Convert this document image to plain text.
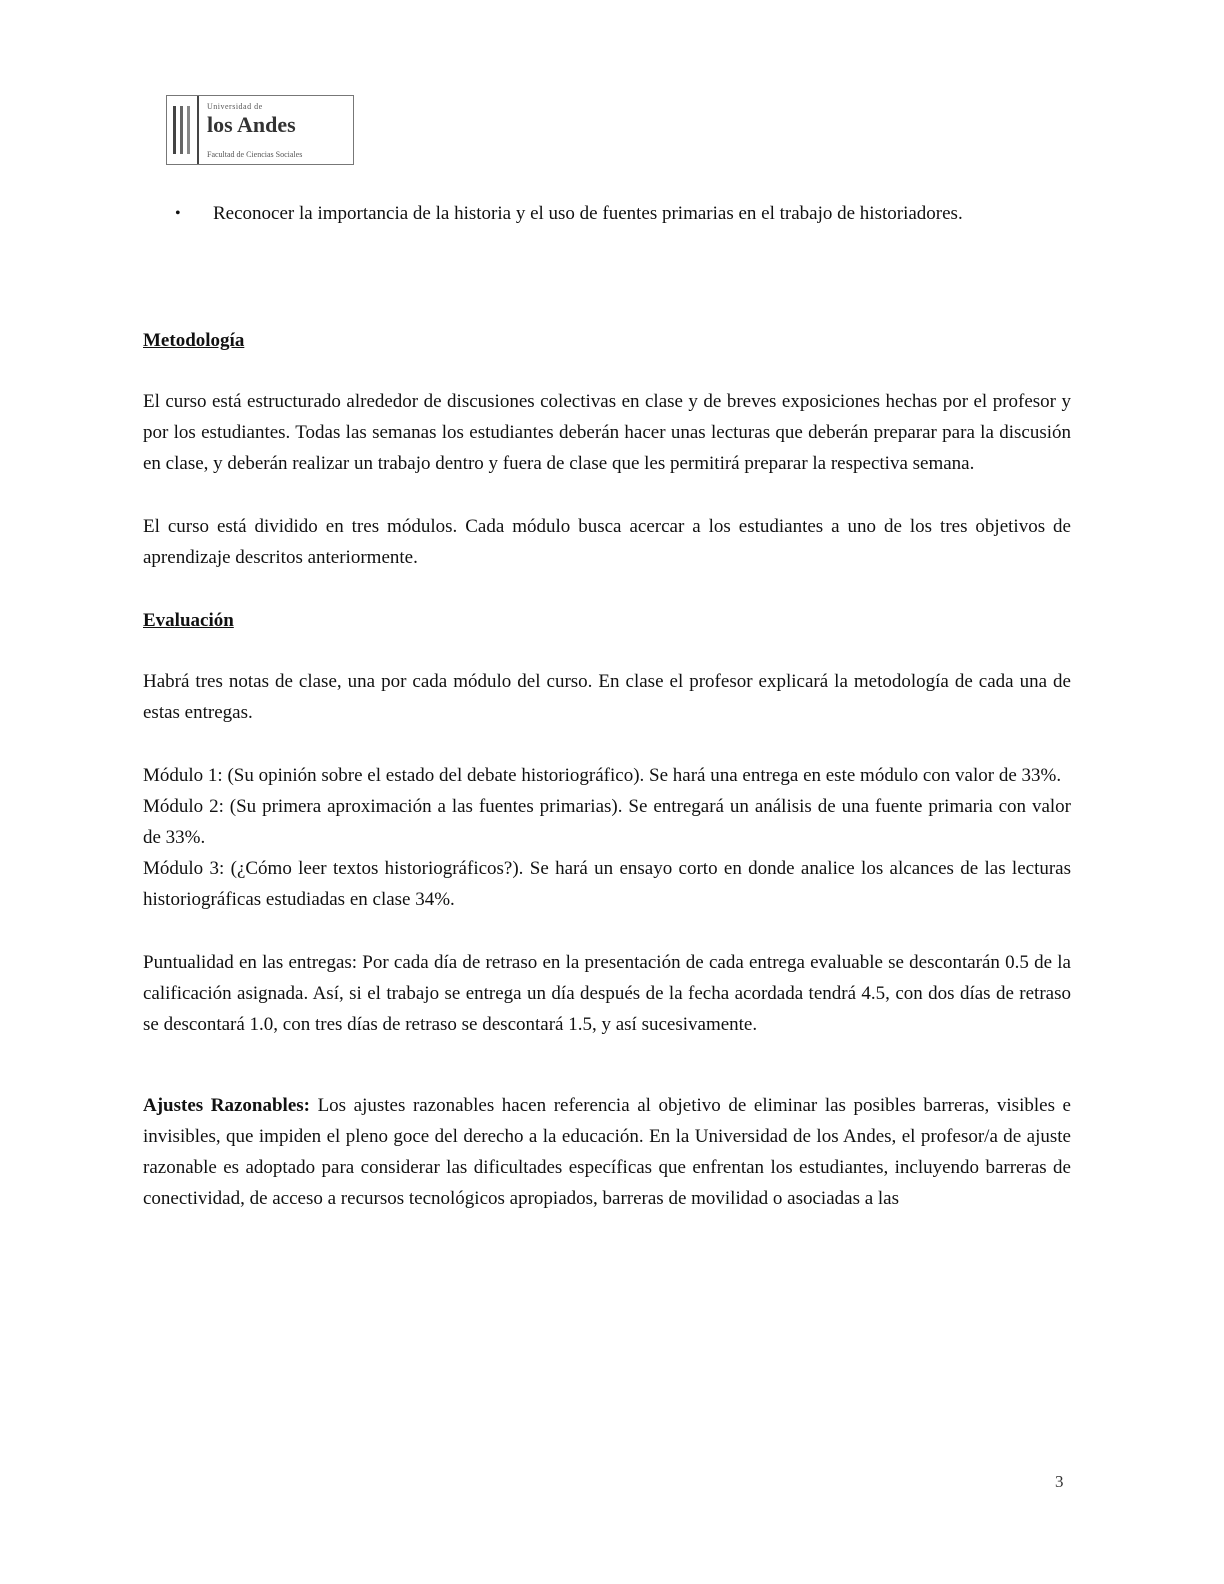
Universidad de
los Andes
Facultad de Ciencias Sociales
•	Reconocer la importancia de la historia y el uso de fuentes primarias en el trabajo de historiadores.

Metodología

El curso está estructurado alrededor de discusiones colectivas en clase y de breves exposiciones hechas por el profesor y por los estudiantes. Todas las semanas los estudiantes deberán hacer unas lecturas que deberán preparar para la discusión en clase, y deberán realizar un trabajo dentro y fuera de clase que les permitirá preparar la respectiva semana.

El curso está dividido en tres módulos. Cada módulo busca acercar a los estudiantes a uno de los tres objetivos de aprendizaje descritos anteriormente.

Evaluación

Habrá tres notas de clase, una por cada módulo del curso. En clase el profesor explicará la metodología de cada una de estas entregas.

Módulo 1: (Su opinión sobre el estado del debate historiográfico). Se hará una entrega en este módulo con valor de 33%.

Módulo 2: (Su primera aproximación a las fuentes primarias). Se entregará un análisis de una fuente primaria con valor de 33%.

Módulo 3: (¿Cómo leer textos historiográficos?). Se hará un ensayo corto en donde analice los alcances de las lecturas historiográficas estudiadas en clase 34%.

Puntualidad en las entregas: Por cada día de retraso en la presentación de cada entrega evaluable se descontarán 0.5 de la calificación asignada. Así, si el trabajo se entrega un día después de la fecha acordada tendrá 4.5, con dos días de retraso se descontará 1.0, con tres días de retraso se descontará 1.5, y así sucesivamente.

Ajustes Razonables: Los ajustes razonables hacen referencia al objetivo de eliminar las posibles barreras, visibles e invisibles, que impiden el pleno goce del derecho a la educación. En la Universidad de los Andes, el profesor/a de ajuste razonable es adoptado para considerar las dificultades específicas que enfrentan los estudiantes, incluyendo barreras de conectividad, de acceso a recursos tecnológicos apropiados, barreras de movilidad o asociadas a las

3
